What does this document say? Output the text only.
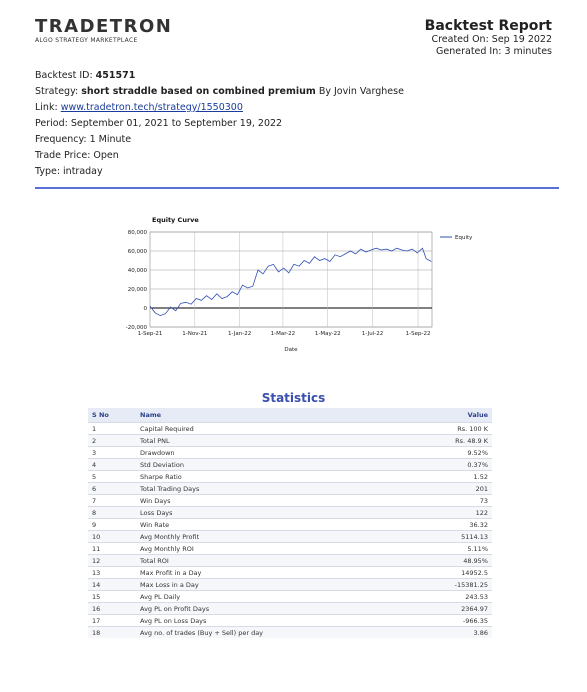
TRADETRON
ALGO STRATEGY MARKETPLACE
Backtest Report
Created On: Sep 19 2022
Generated In: 3 minutes
Backtest ID: 451571
Strategy: short straddle based on combined premium By Jovin Varghese
Link: www.tradetron.tech/strategy/1550300
Period: September 01, 2021 to September 19, 2022
Frequency: 1 Minute
Trade Price: Open
Type: intraday
Equity Curve
80,000
60,000
40,000
20,000
0
-20,000
1-Sep-21	1-Nov-21	1-Jan-22	1-Mar-22	1-May-22	1-Jul-22	1-Sep-22
Date
Equity
Statistics
S No	Name	Value
1	Capital Required	Rs. 100 K
2	Total PNL	Rs. 48.9 K
3	Drawdown	9.52%
4	Std Deviation	0.37%
5	Sharpe Ratio	1.52
6	Total Trading Days	201
7	Win Days	73
8	Loss Days	122
9	Win Rate	36.32
10	Avg Monthly Profit	5114.13
11	Avg Monthly ROI	5.11%
12	Total ROI	48.95%
13	Max Profit in a Day	14952.5
14	Max Loss in a Day	-15381.25
15	Avg PL Daily	243.53
16	Avg PL on Profit Days	2364.97
17	Avg PL on Loss Days	-966.35
18	Avg no. of trades (Buy + Sell) per day	3.86
